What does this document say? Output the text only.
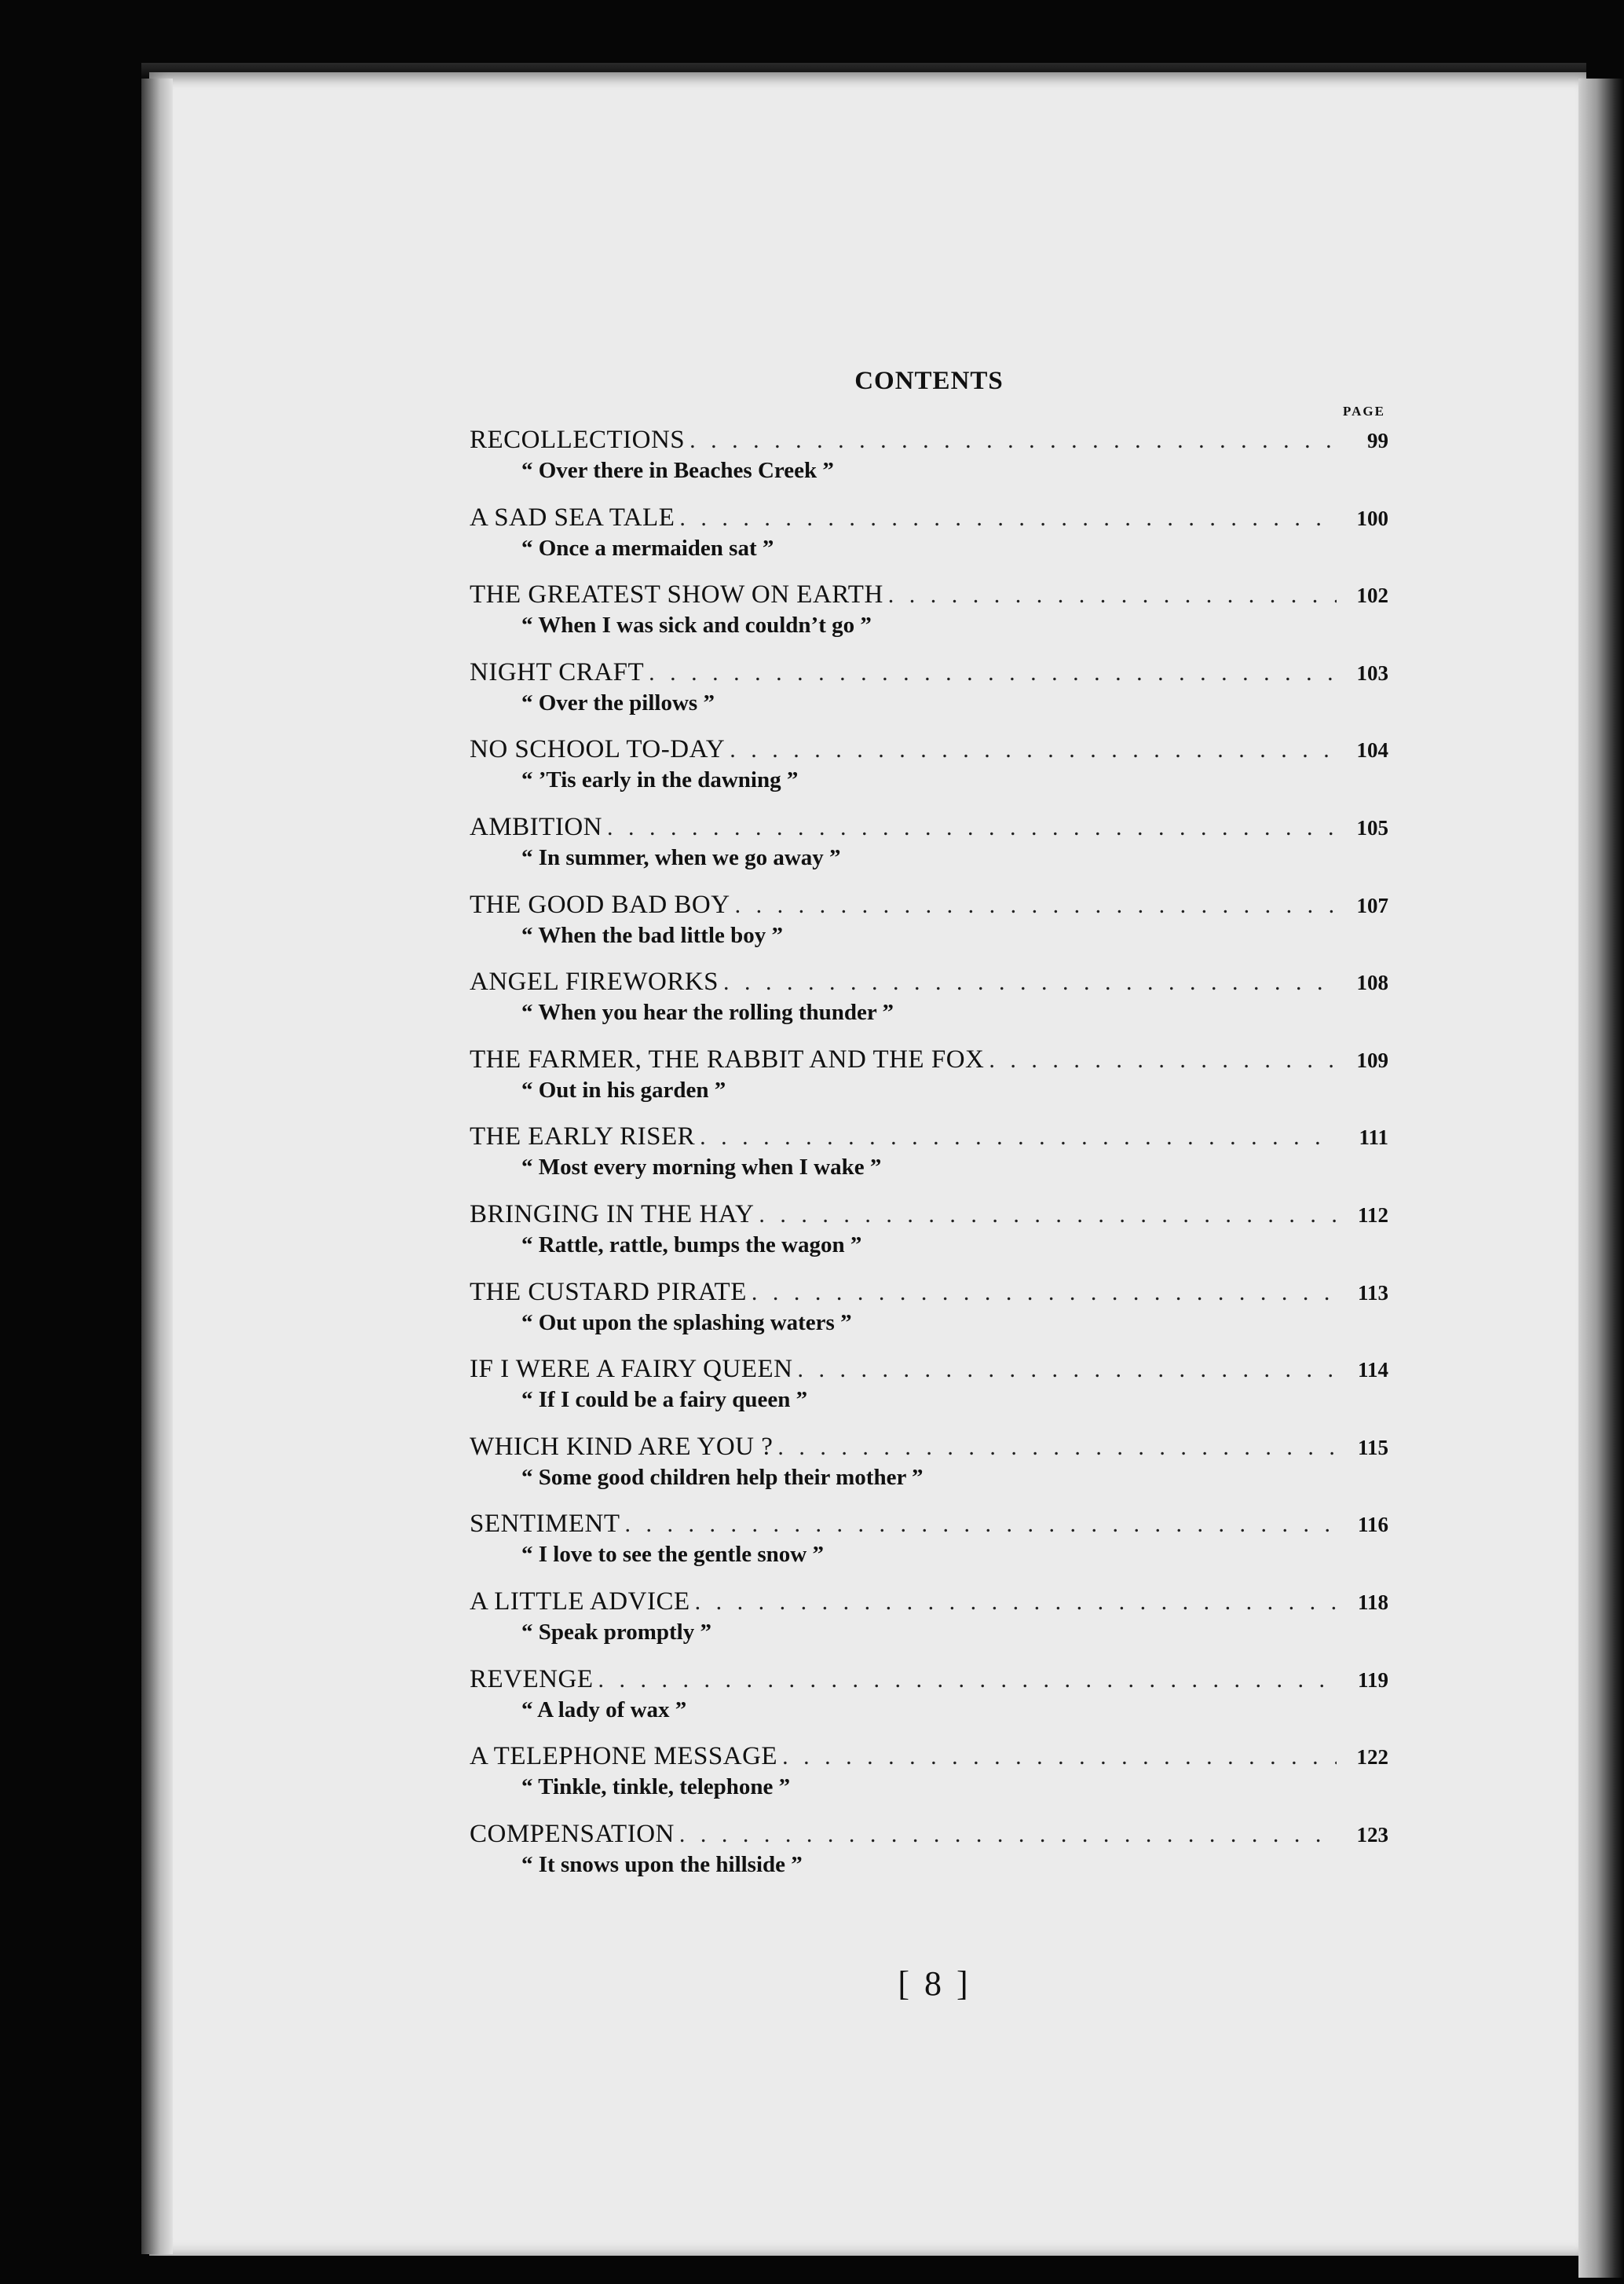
CONTENTS
PAGE
RECOLLECTIONS . . .	99
“ Over there in Beaches Creek ”
A SAD SEA TALE . . .	100
“ Once a mermaiden sat ”
THE GREATEST SHOW ON EARTH . . .	102
“ When I was sick and couldn’t go ”
NIGHT CRAFT . . .	103
“ Over the pillows ”
NO SCHOOL TO-DAY . . .	104
“ ’Tis early in the dawning ”
AMBITION . . .	105
“ In summer, when we go away ”
THE GOOD BAD BOY . . .	107
“ When the bad little boy ”
ANGEL FIREWORKS . . .	108
“ When you hear the rolling thunder ”
THE FARMER, THE RABBIT AND THE FOX . . .	109
“ Out in his garden ”
THE EARLY RISER . . .	111
“ Most every morning when I wake ”
BRINGING IN THE HAY . . .	112
“ Rattle, rattle, bumps the wagon ”
THE CUSTARD PIRATE . . .	113
“ Out upon the splashing waters ”
IF I WERE A FAIRY QUEEN . . .	114
“ If I could be a fairy queen ”
WHICH KIND ARE YOU ? . . .	115
“ Some good children help their mother ”
SENTIMENT . . .	116
“ I love to see the gentle snow ”
A LITTLE ADVICE . . .	118
“ Speak promptly ”
REVENGE . . .	119
“ A lady of wax ”
A TELEPHONE MESSAGE . . .	122
“ Tinkle, tinkle, telephone ”
COMPENSATION . . .	123
“ It snows upon the hillside ”
[ 8 ]
